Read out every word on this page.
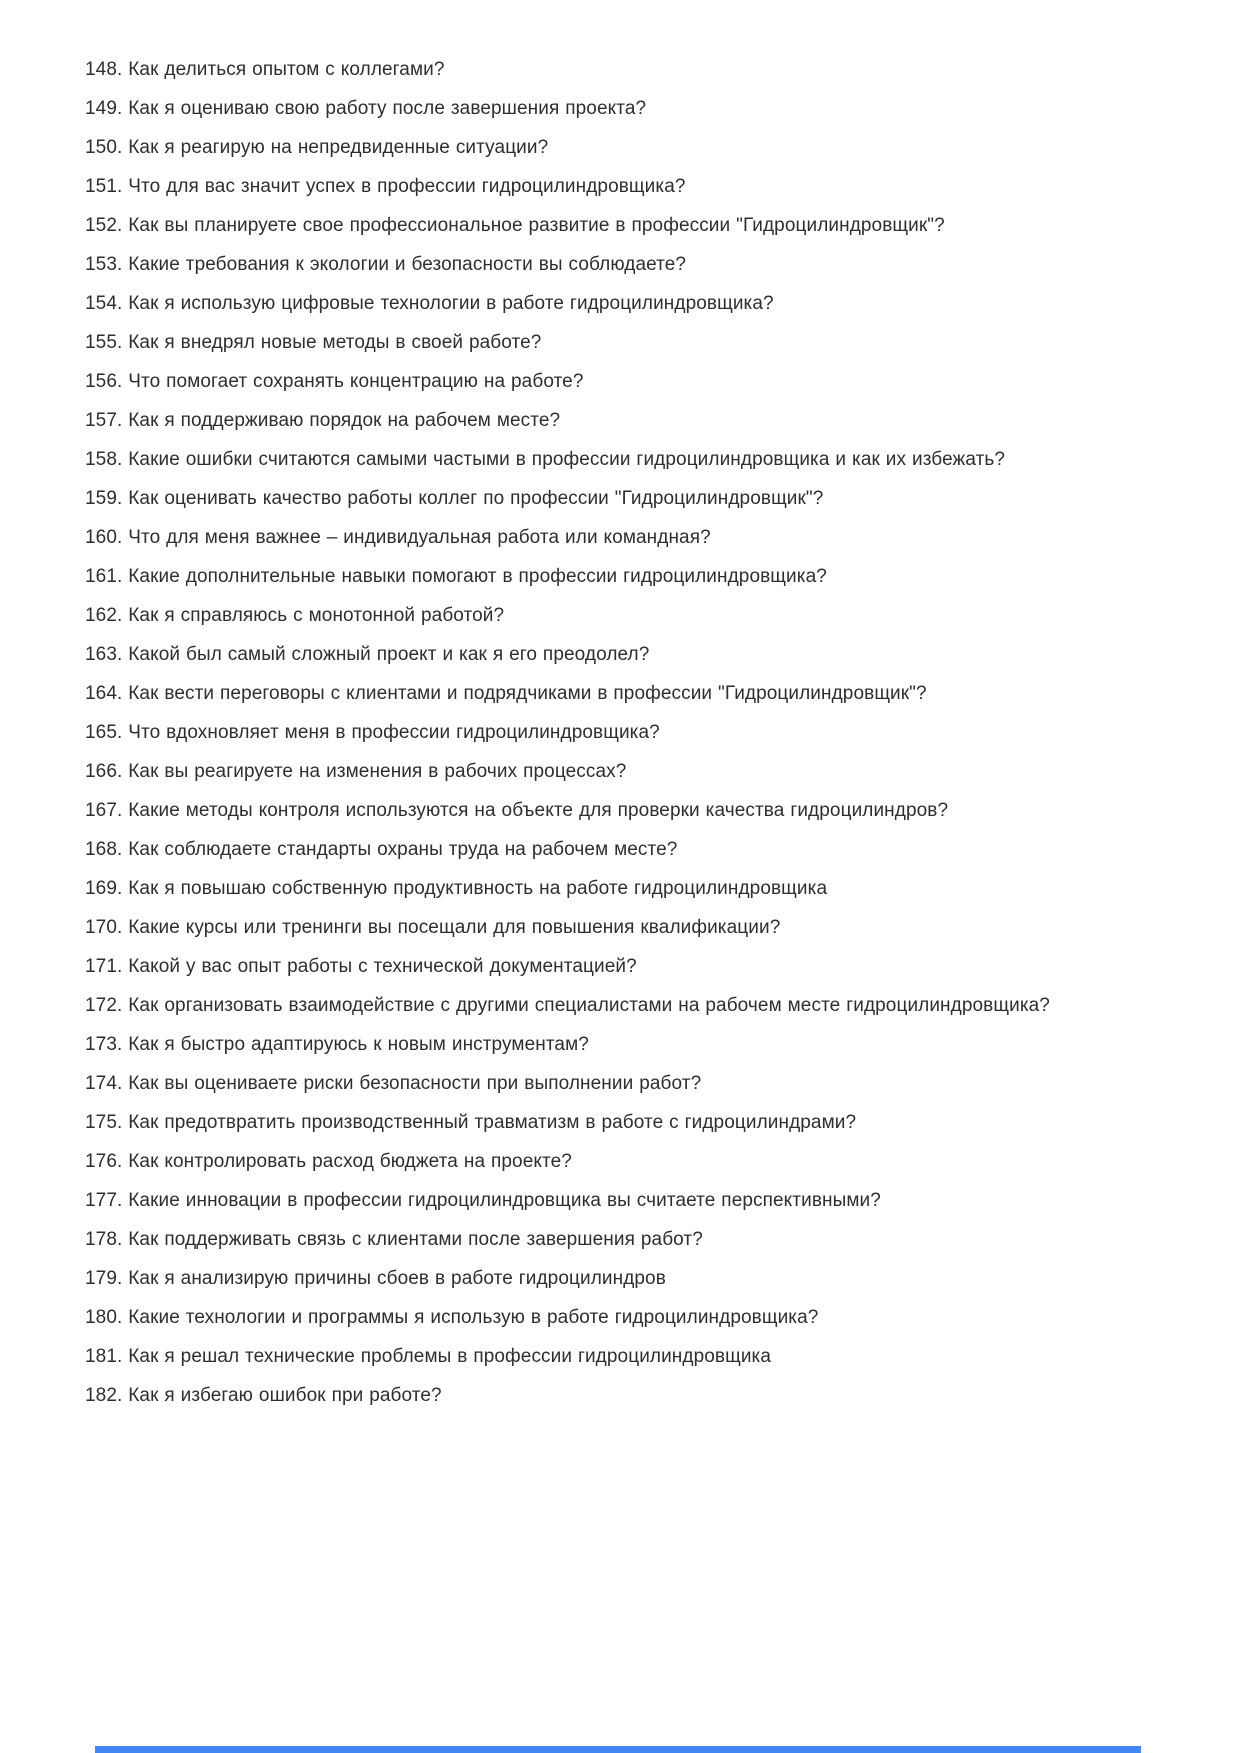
148. Как делиться опытом с коллегами?

149. Как я оцениваю свою работу после завершения проекта?

150. Как я реагирую на непредвиденные ситуации?

151. Что для вас значит успех в профессии гидроцилиндровщика?

152. Как вы планируете свое профессиональное развитие в профессии "Гидроцилиндровщик"?

153. Какие требования к экологии и безопасности вы соблюдаете?

154. Как я использую цифровые технологии в работе гидроцилиндровщика?

155. Как я внедрял новые методы в своей работе?

156. Что помогает сохранять концентрацию на работе?

157. Как я поддерживаю порядок на рабочем месте?

158. Какие ошибки считаются самыми частыми в профессии гидроцилиндровщика и как их избежать?

159. Как оценивать качество работы коллег по профессии "Гидроцилиндровщик"?

160. Что для меня важнее – индивидуальная работа или командная?

161. Какие дополнительные навыки помогают в профессии гидроцилиндровщика?

162. Как я справляюсь с монотонной работой?

163. Какой был самый сложный проект и как я его преодолел?

164. Как вести переговоры с клиентами и подрядчиками в профессии "Гидроцилиндровщик"?

165. Что вдохновляет меня в профессии гидроцилиндровщика?

166. Как вы реагируете на изменения в рабочих процессах?

167. Какие методы контроля используются на объекте для проверки качества гидроцилиндров?

168. Как соблюдаете стандарты охраны труда на рабочем месте?

169. Как я повышаю собственную продуктивность на работе гидроцилиндровщика

170. Какие курсы или тренинги вы посещали для повышения квалификации?

171. Какой у вас опыт работы с технической документацией?

172. Как организовать взаимодействие с другими специалистами на рабочем месте гидроцилиндровщика?

173. Как я быстро адаптируюсь к новым инструментам?

174. Как вы оцениваете риски безопасности при выполнении работ?

175. Как предотвратить производственный травматизм в работе с гидроцилиндрами?

176. Как контролировать расход бюджета на проекте?

177. Какие инновации в профессии гидроцилиндровщика вы считаете перспективными?

178. Как поддерживать связь с клиентами после завершения работ?

179. Как я анализирую причины сбоев в работе гидроцилиндров

180. Какие технологии и программы я использую в работе гидроцилиндровщика?

181. Как я решал технические проблемы в профессии гидроцилиндровщика

182. Как я избегаю ошибок при работе?
